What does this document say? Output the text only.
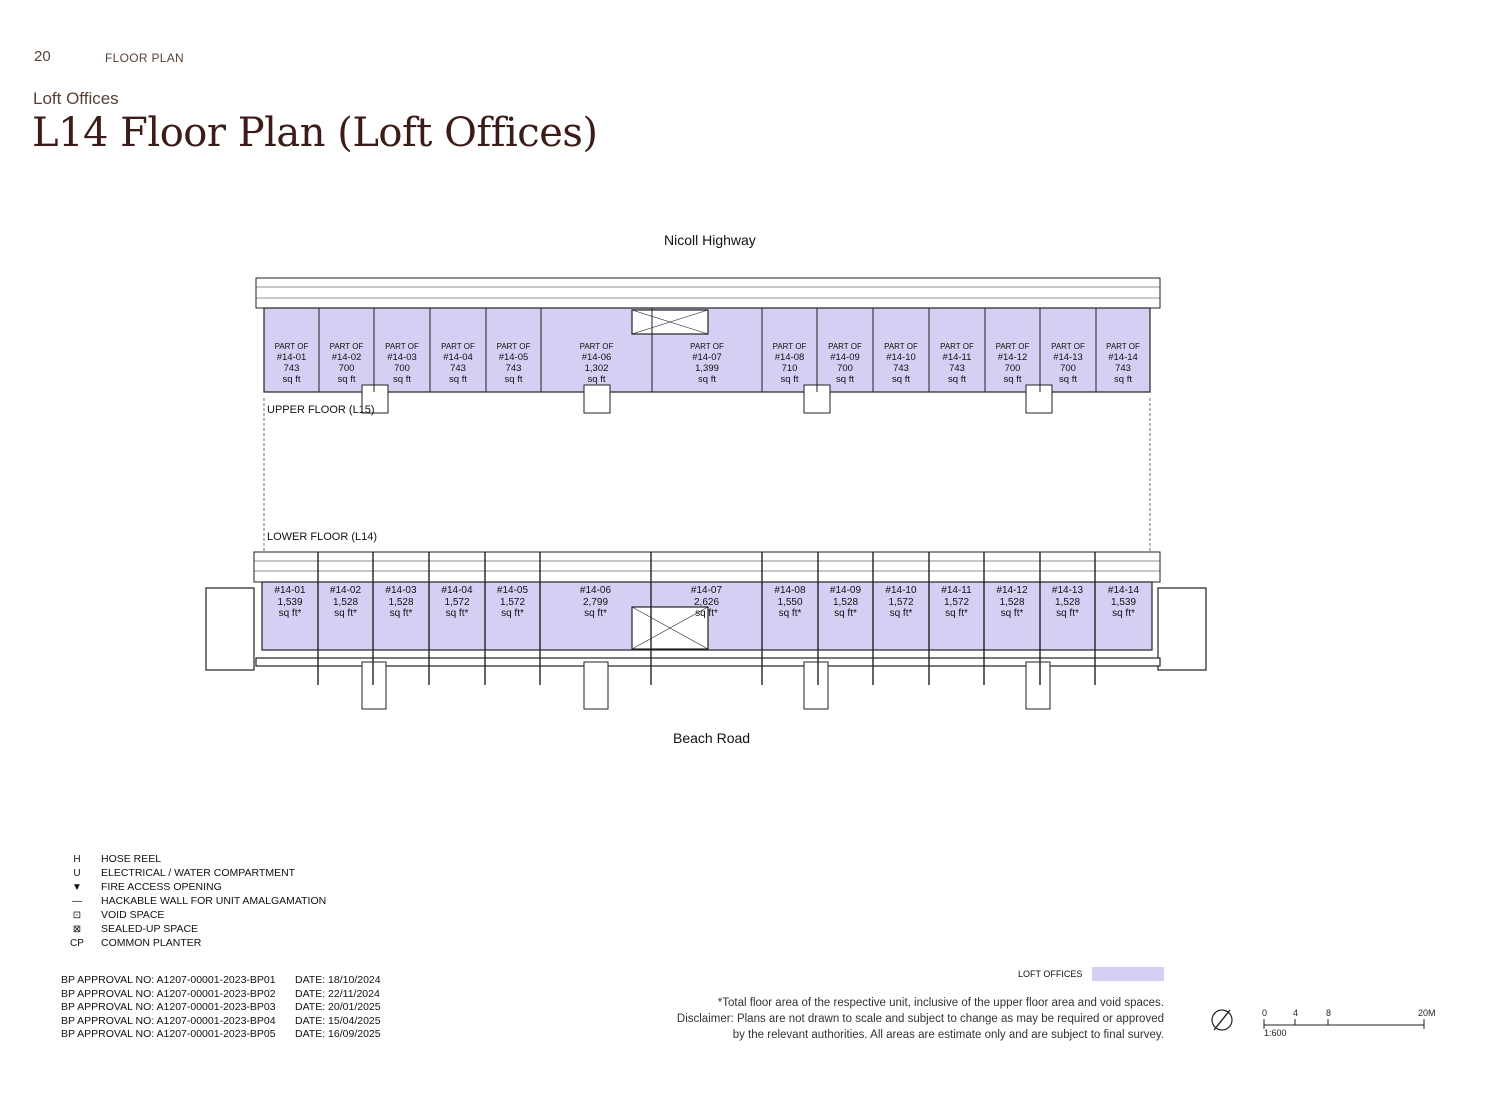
20	FLOOR PLAN
Loft Offices
L14 Floor Plan (Loft Offices)
Nicoll Highway
Beach Road
UPPER FLOOR (L15)
LOWER FLOOR (L14)
PART OF
#14-01
743
sq ft
PART OF
#14-02
700
sq ft
PART OF
#14-03
700
sq ft
PART OF
#14-04
743
sq ft
PART OF
#14-05
743
sq ft
PART OF
#14-06
1,302
sq ft
PART OF
#14-07
1,399
sq ft
PART OF
#14-08
710
sq ft
PART OF
#14-09
700
sq ft
PART OF
#14-10
743
sq ft
PART OF
#14-11
743
sq ft
PART OF
#14-12
700
sq ft
PART OF
#14-13
700
sq ft
PART OF
#14-14
743
sq ft
#14-01
1,539
sq ft*
#14-02
1,528
sq ft*
#14-03
1,528
sq ft*
#14-04
1,572
sq ft*
#14-05
1,572
sq ft*
#14-06
2,799
sq ft*
#14-07
2,626
sq ft*
#14-08
1,550
sq ft*
#14-09
1,528
sq ft*
#14-10
1,572
sq ft*
#14-11
1,572
sq ft*
#14-12
1,528
sq ft*
#14-13
1,528
sq ft*
#14-14
1,539
sq ft*
H	HOSE REEL
U	ELECTRICAL / WATER COMPARTMENT
▼	FIRE ACCESS OPENING
—	HACKABLE WALL FOR UNIT AMALGAMATION
⊡	VOID SPACE
⊠	SEALED-UP SPACE
CP	COMMON PLANTER
BP APPROVAL NO: A1207-00001-2023-BP01	DATE: 18/10/2024
BP APPROVAL NO: A1207-00001-2023-BP02	DATE: 22/11/2024
BP APPROVAL NO: A1207-00001-2023-BP03	DATE: 20/01/2025
BP APPROVAL NO: A1207-00001-2023-BP04	DATE: 15/04/2025
BP APPROVAL NO: A1207-00001-2023-BP05	DATE: 16/09/2025
LOFT OFFICES
*Total floor area of the respective unit, inclusive of the upper floor area and void spaces.
Disclaimer: Plans are not drawn to scale and subject to change as may be required or approved
by the relevant authorities. All areas are estimate only and are subject to final survey.
0	4	8	20M
1:600
